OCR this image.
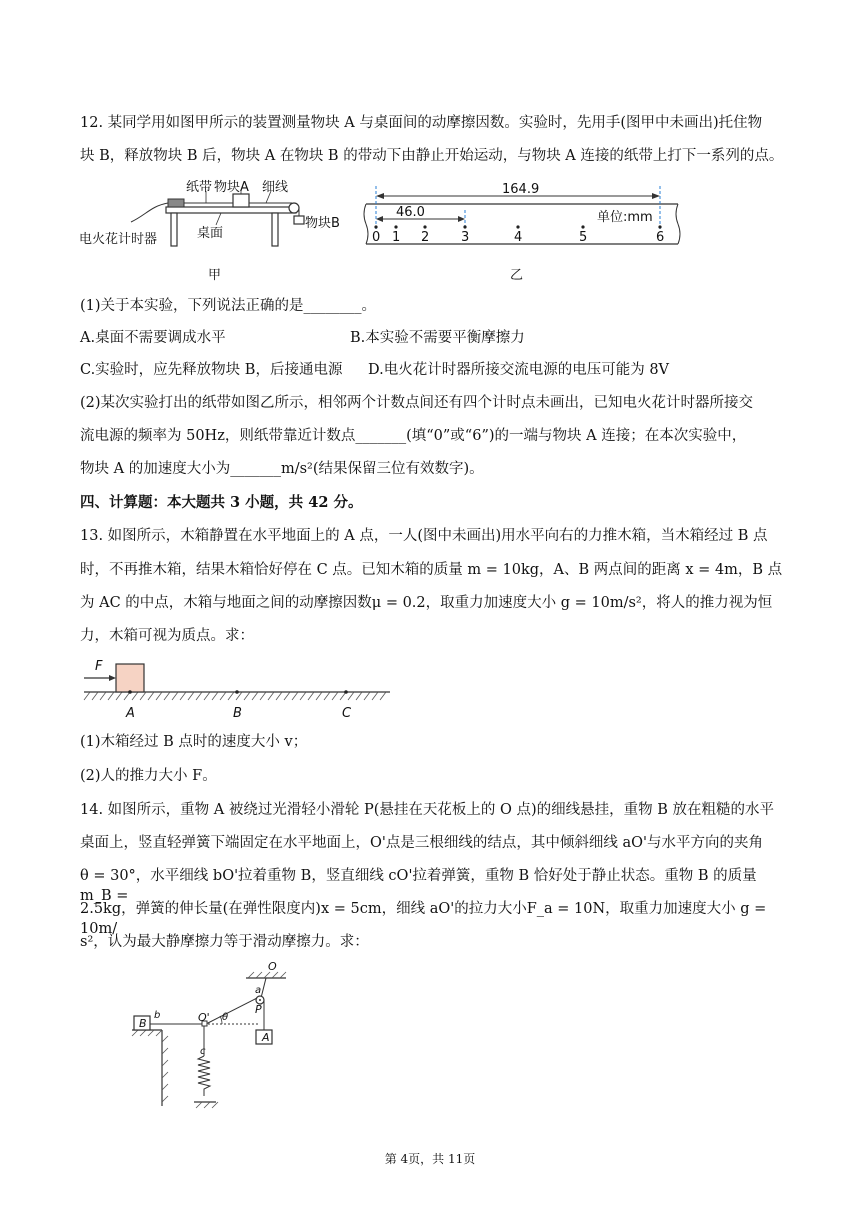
12. 某同学用如图甲所示的装置测量物块 A 与桌面间的动摩擦因数。实验时，先用手(图甲中未画出)托住物
块 B，释放物块 B 后，物块 A 在物块 B 的带动下由静止开始运动，与物块 A 连接的纸带上打下一系列的点。
纸带 物块A 细线
物块B
桌面
电火花计时器
甲
164.9
46.0	单位:mm
0 1 2 3	4	5	6
乙
(1)关于本实验，下列说法正确的是________。
A.桌面不需要调成水平	B.本实验不需要平衡摩擦力
C.实验时，应先释放物块 B，后接通电源	D.电火花计时器所接交流电源的电压可能为 8V
(2)某次实验打出的纸带如图乙所示，相邻两个计数点间还有四个计时点未画出，已知电火花计时器所接交
流电源的频率为 50Hz，则纸带靠近计数点_______(填“0”或“6”)的一端与物块 A 连接；在本次实验中，
物块 A 的加速度大小为_______m/s²(结果保留三位有效数字)。
四、计算题：本大题共 3 小题，共 42 分。
13. 如图所示，木箱静置在水平地面上的 A 点，一人(图中未画出)用水平向右的力推木箱，当木箱经过 B 点
时，不再推木箱，结果木箱恰好停在 C 点。已知木箱的质量 m = 10kg，A、B 两点间的距离 x = 4m，B 点
为 AC 的中点，木箱与地面之间的动摩擦因数μ = 0.2，取重力加速度大小 g = 10m/s²，将人的推力视为恒
力，木箱可视为质点。求：
F
A	B	C
(1)木箱经过 B 点时的速度大小 v；
(2)人的推力大小 F。
14. 如图所示，重物 A 被绕过光滑轻小滑轮 P(悬挂在天花板上的 O 点)的细线悬挂，重物 B 放在粗糙的水平
桌面上，竖直轻弹簧下端固定在水平地面上，O'点是三根细线的结点，其中倾斜细线 aO'与水平方向的夹角
θ = 30°，水平细线 bO'拉着重物 B，竖直细线 cO'拉着弹簧，重物 B 恰好处于静止状态。重物 B 的质量m_B =
2.5kg，弹簧的伸长量(在弹性限度内)x = 5cm，细线 aO'的拉力大小F_a = 10N，取重力加速度大小 g = 10m/
s²，认为最大静摩擦力等于滑动摩擦力。求：
O
a
P
A
B
b	O' θ
c
第 4页，共 11页
